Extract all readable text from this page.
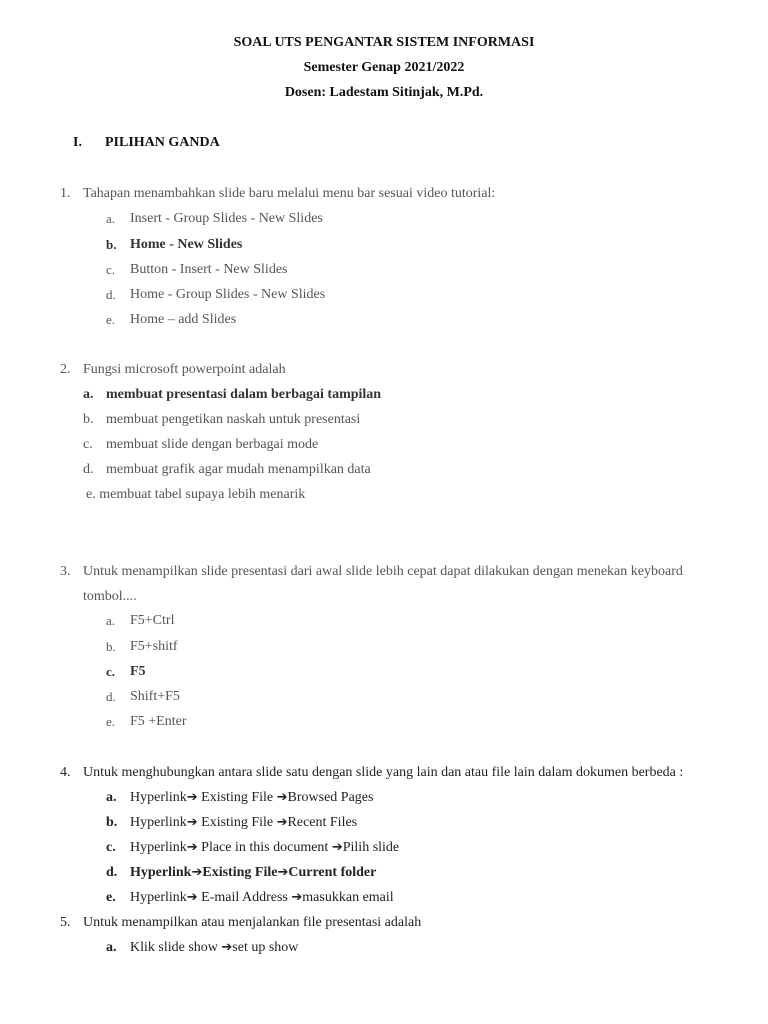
SOAL UTS PENGANTAR SISTEM INFORMASI
Semester Genap 2021/2022
Dosen: Ladestam Sitinjak, M.Pd.
I. PILIHAN GANDA
1. Tahapan menambahkan slide baru melalui menu bar sesuai video tutorial:
a. Insert - Group Slides - New Slides
b. Home - New Slides
c. Button - Insert - New Slides
d. Home - Group Slides - New Slides
e. Home – add Slides
2. Fungsi microsoft powerpoint adalah
a. membuat presentasi dalam berbagai tampilan
b. membuat pengetikan naskah untuk presentasi
c. membuat slide dengan berbagai mode
d. membuat grafik agar mudah menampilkan data
e. membuat tabel supaya lebih menarik
3. Untuk menampilkan slide presentasi dari awal slide lebih cepat dapat dilakukan dengan menekan keyboard
tombol....
a. F5+Ctrl
b. F5+shitf
c. F5
d. Shift+F5
e. F5 +Enter
4. Untuk menghubungkan antara slide satu dengan slide yang lain dan atau file lain dalam dokumen berbeda :
a. Hyperlink➔ Existing File ➔Browsed Pages
b. Hyperlink➔ Existing File ➔Recent Files
c. Hyperlink➔ Place in this document ➔Pilih slide
d. Hyperlink➔Existing File➔Current folder
e. Hyperlink➔ E-mail Address ➔masukkan email
5. Untuk menampilkan atau menjalankan file presentasi adalah
a. Klik slide show ➔set up show
